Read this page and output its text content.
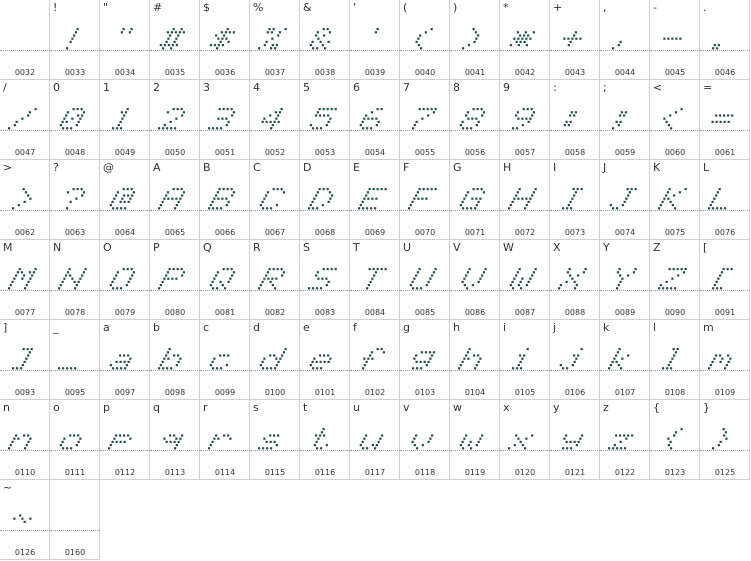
0032
!
0033
"
0034
#
0035
$
0036
%
0037
&
0038
'
0039
(
0040
)
0041
*
0042
+
0043
,
0044
-
0045
.
0046
/
0047
0
0048
1
0049
2
0050
3
0051
4
0052
5
0053
6
0054
7
0055
8
0056
9
0057
:
0058
;
0059
<
0060
=
0061
>
0062
?
0063
@
0064
A
0065
B
0066
C
0067
D
0068
E
0069
F
0070
G
0071
H
0072
I
0073
J
0074
K
0075
L
0076
M
0077
N
0078
O
0079
P
0080
Q
0081
R
0082
S
0083
T
0084
U
0085
V
0086
W
0087
X
0088
Y
0089
Z
0090
[
0091
]
0093
_
0095
a
0097
b
0098
c
0099
d
0100
e
0101
f
0102
g
0103
h
0104
i
0105
j
0106
k
0107
l
0108
m
0109
n
0110
o
0111
p
0112
q
0113
r
0114
s
0115
t
0116
u
0117
v
0118
w
0119
x
0120
y
0121
z
0122
{
0123
}
0125
~
0126	0160
